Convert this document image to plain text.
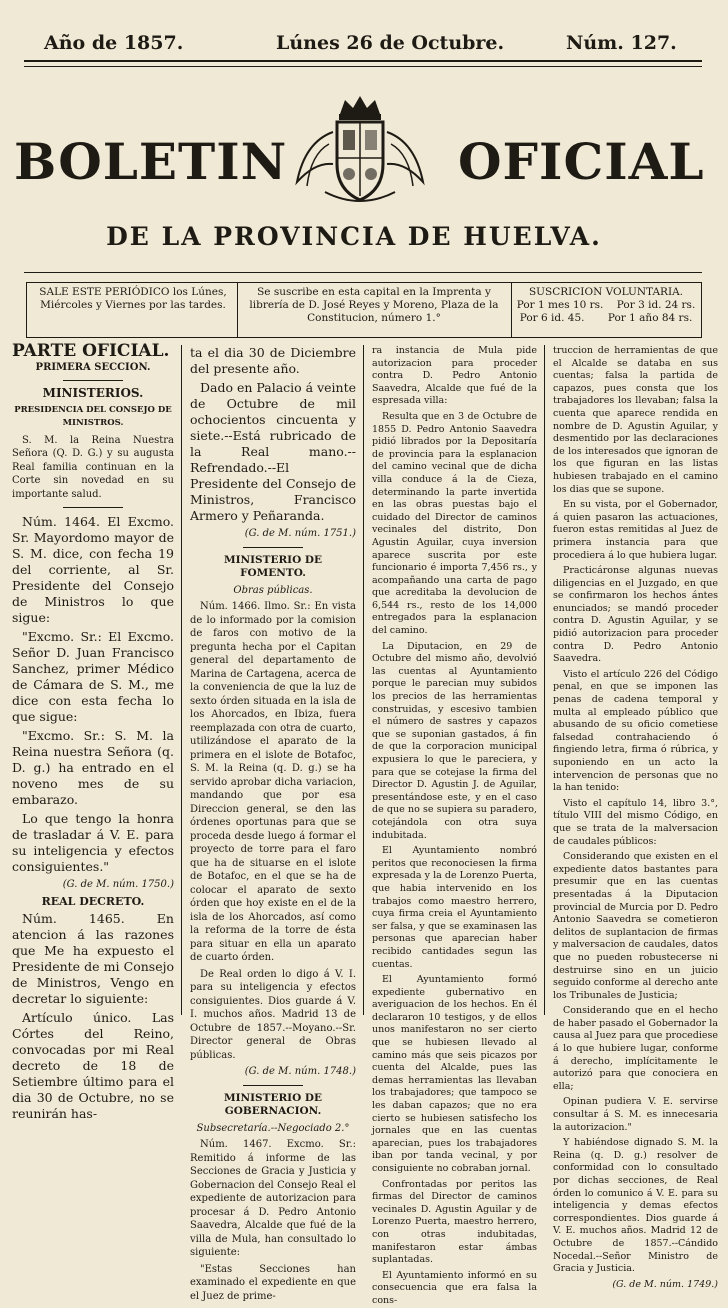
Año de 1857.	Lúnes 26 de Octubre.	Núm. 127.
BOLETIN	OFICIAL
DE LA PROVINCIA DE HUELVA.
SALE ESTE PERIÓDICO los Lúnes, Miércoles y Viernes por las tardes.
Se suscribe en esta capital en la Imprenta y librería de D. José Reyes y Moreno, Plaza de la Constitucion, número 1.°
SUSCRICION VOLUNTARIA.
Por 1 mes 10 rs.    Por 3 id. 24 rs.
Por 6 id. 45.       Por 1 año 84 rs.

PARTE OFICIAL.

PRIMERA SECCION.

MINISTERIOS.

PRESIDENCIA DEL CONSEJO DE MINISTROS.

S. M. la Reina Nuestra Señora (Q. D. G.) y su augusta Real familia continuan en la Corte sin novedad en su importante salud.

Núm. 1464. El Excmo. Sr. Mayordomo mayor de S. M. dice, con fecha 19 del corriente, al Sr. Presidente del Consejo de Ministros lo que sigue:

"Excmo. Sr.: El Excmo. Señor D. Juan Francisco Sanchez, primer Médico de Cámara de S. M., me dice con esta fecha lo que sigue:

"Excmo. Sr.: S. M. la Reina nuestra Señora (q. D. g.) ha entrado en el noveno mes de su embarazo.

Lo que tengo la honra de trasladar á V. E. para su inteligencia y efectos consiguientes."

(G. de M. núm. 1750.)

REAL DECRETO.

Núm. 1465. En atencion á las razones que Me ha expuesto el Presidente de mi Consejo de Ministros, Vengo en decretar lo siguiente:

Artículo único. Las Córtes del Reino, convocadas por mi Real decreto de 18 de Setiembre último para el dia 30 de Octubre, no se reunirán has-

ta el dia 30 de Diciembre del presente año.

Dado en Palacio á veinte de Octubre de mil ochocientos cincuenta y siete.--Está rubricado de la Real mano.--Refrendado.--El Presidente del Consejo de Ministros, Francisco Armero y Peñaranda.

(G. de M. núm. 1751.)

MINISTERIO DE FOMENTO.

Obras públicas.

Núm. 1466. Ilmo. Sr.: En vista de lo informado por la comision de faros con motivo de la pregunta hecha por el Capitan general del departamento de Marina de Cartagena, acerca de la conveniencia de que la luz de sexto órden situada en la isla de los Ahorcados, en Ibiza, fuera reemplazada con otra de cuarto, utilizándose el aparato de la primera en el islote de Botafoc, S. M. la Reina (q. D. g.) se ha servido aprobar dicha variacion, mandando que por esa Direccion general, se den las órdenes oportunas para que se proceda desde luego á formar el proyecto de torre para el faro que ha de situarse en el islote de Botafoc, en el que se ha de colocar el aparato de sexto órden que hoy existe en el de la isla de los Ahorcados, así como la reforma de la torre de ésta para situar en ella un aparato de cuarto órden.

De Real orden lo digo á V. I. para su inteligencia y efectos consiguientes. Dios guarde á V. I. muchos años. Madrid 13 de Octubre de 1857.--Moyano.--Sr. Director general de Obras públicas.

(G. de M. núm. 1748.)

MINISTERIO DE GOBERNACION.

Subsecretaría.--Negociado 2.°

Núm. 1467. Excmo. Sr.: Remitido á informe de las Secciones de Gracia y Justicia y Gobernacion del Consejo Real el expediente de autorizacion para procesar á D. Pedro Antonio Saavedra, Alcalde que fué de la villa de Mula, han consultado lo siguiente:

"Estas Secciones han examinado el expediente en que el Juez de prime-

ra instancia de Mula pide autorizacion para proceder contra D. Pedro Antonio Saavedra, Alcalde que fué de la espresada villa:

Resulta que en 3 de Octubre de 1855 D. Pedro Antonio Saavedra pidió librados por la Depositaría de provincia para la esplanacion del camino vecinal que de dicha villa conduce á la de Cieza, determinando la parte invertida en las obras puestas bajo el cuidado del Director de caminos vecinales del distrito, Don Agustin Aguilar, cuya inversion aparece suscrita por este funcionario é importa 7,456 rs., y acompañando una carta de pago que acreditaba la devolucion de 6,544 rs., resto de los 14,000 entregados para la esplanacion del camino.

La Diputacion, en 29 de Octubre del mismo año, devolvió las cuentas al Ayuntamiento porque le parecian muy subidos los precios de las herramientas construidas, y escesivo tambien el número de sastres y capazos que se suponian gastados, á fin de que la corporacion municipal expusiera lo que le pareciera, y para que se cotejase la firma del Director D. Agustin J. de Aguilar, presentándose este, y en el caso de que no se supiera su paradero, cotejándola con otra suya indubitada.

El Ayuntamiento nombró peritos que reconociesen la firma expresada y la de Lorenzo Puerta, que habia intervenido en los trabajos como maestro herrero, cuya firma creia el Ayuntamiento ser falsa, y que se examinasen las personas que aparecian haber recibido cantidades segun las cuentas.

El Ayuntamiento formó expediente gubernativo en averiguacion de los hechos. En él declararon 10 testigos, y de ellos unos manifestaron no ser cierto que se hubiesen llevado al camino más que seis picazos por cuenta del Alcalde, pues las demas herramientas las llevaban los trabajadores; que tampoco se les daban capazos; que no era cierto se hubiesen satisfecho los jornales que en las cuentas aparecian, pues los trabajadores iban por tanda vecinal, y por consiguiente no cobraban jornal.

Confrontadas por peritos las firmas del Director de caminos vecinales D. Agustin Aguilar y de Lorenzo Puerta, maestro herrero, con otras indubitadas, manifestaron estar ámbas suplantadas.

El Ayuntamiento informó en su consecuencia que era falsa la cons-

truccion de herramientas de que el Alcalde se databa en sus cuentas; falsa la partida de capazos, pues consta que los trabajadores los llevaban; falsa la cuenta que aparece rendida en nombre de D. Agustin Aguilar, y desmentido por las declaraciones de los interesados que ignoran de los que figuran en las listas hubiesen trabajado en el camino los dias que se supone.

En su vista, por el Gobernador, á quien pasaron las actuaciones, fueron estas remitidas al Juez de primera instancia para que procediera á lo que hubiera lugar.

Practicáronse algunas nuevas diligencias en el Juzgado, en que se confirmaron los hechos ántes enunciados; se mandó proceder contra D. Agustin Aguilar, y se pidió autorizacion para proceder contra D. Pedro Antonio Saavedra.

Visto el artículo 226 del Código penal, en que se imponen las penas de cadena temporal y multa al empleado público que abusando de su oficio cometiese falsedad contrahaciendo ó fingiendo letra, firma ó rúbrica, y suponiendo en un acto la intervencion de personas que no la han tenido:

Visto el capítulo 14, libro 3.°, título VIII del mismo Código, en que se trata de la malversacion de caudales públicos:

Considerando que existen en el expediente datos bastantes para presumir que en las cuentas presentadas á la Diputacion provincial de Murcia por D. Pedro Antonio Saavedra se cometieron delitos de suplantacion de firmas y malversacion de caudales, datos que no pueden robustecerse ni destruirse sino en un juicio seguido conforme al derecho ante los Tribunales de Justicia;

Considerando que en el hecho de haber pasado el Gobernador la causa al Juez para que procediese á lo que hubiere lugar, conforme á derecho, implícitamente le autorizó para que conociera en ella;

Opinan pudiera V. E. servirse consultar á S. M. es innecesaria la autorizacion."

Y habiéndose dignado S. M. la Reina (q. D. g.) resolver de conformidad con lo consultado por dichas secciones, de Real órden lo comunico á V. E. para su inteligencia y demas efectos correspondientes. Dios guarde á V. E. muchos años. Madrid 12 de Octubre de 1857.--Cándido Nocedal.--Señor Ministro de Gracia y Justicia.

(G. de M. núm. 1749.)
